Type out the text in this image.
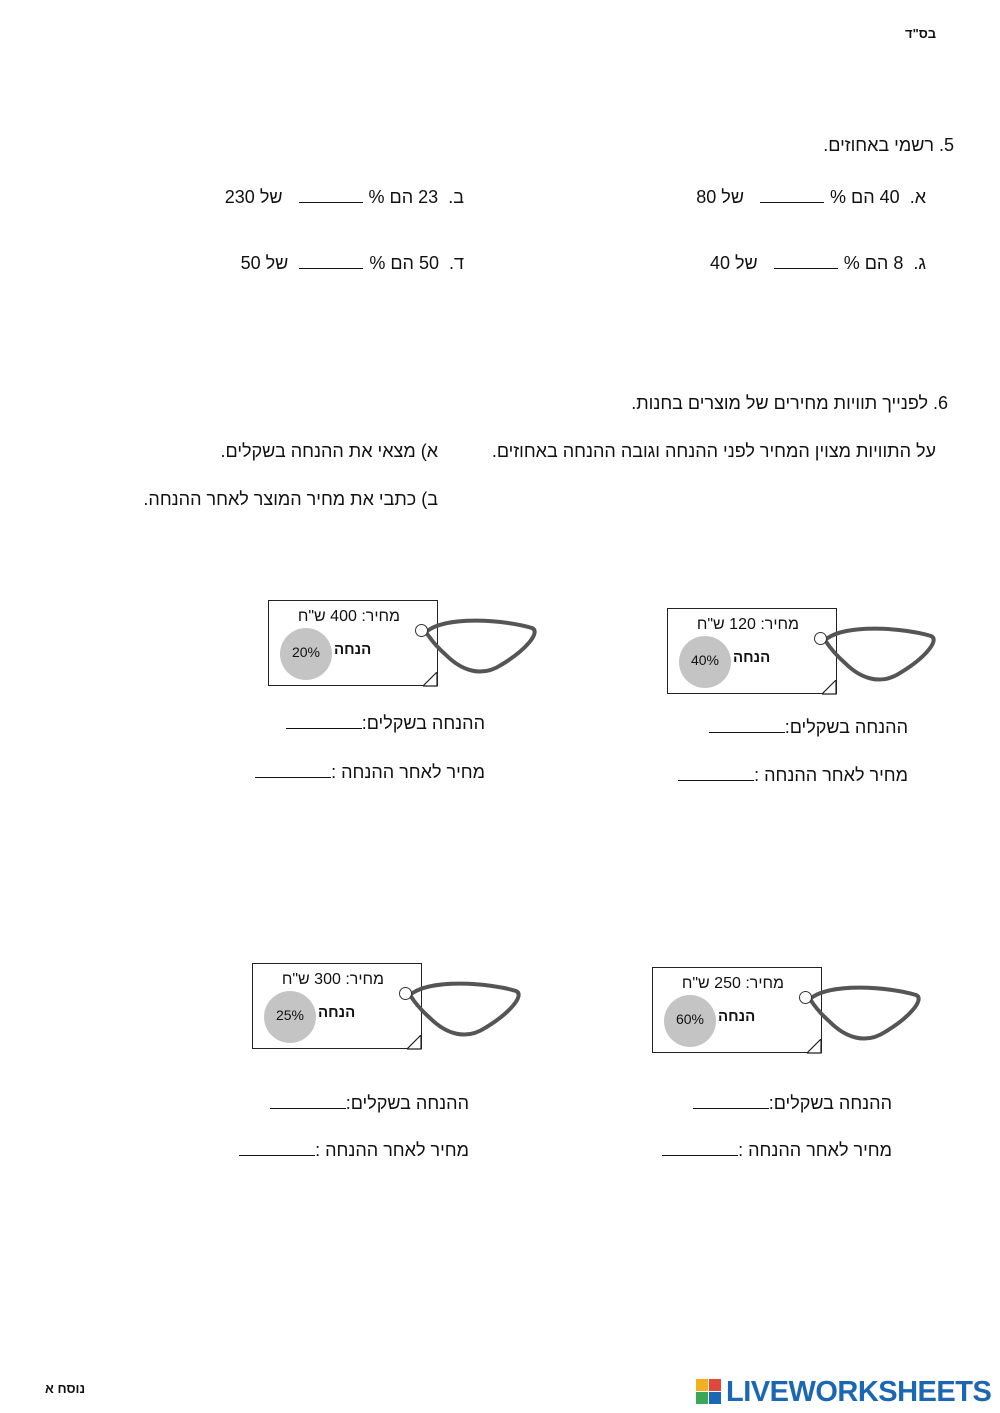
בס"ד
5. רשמי באחוזים.
א.  40 הם %  של 80
ב.  23 הם %  של 230
ג.  8 הם %  של 40
ד.  50 הם % של 50
6. לפנייך תוויות מחירים של מוצרים בחנות.
על התוויות מצוין המחיר לפני ההנחה וגובה ההנחה באחוזים.
א) מצאי את ההנחה בשקלים.
ב) כתבי את מחיר המוצר לאחר ההנחה.
מחיר: 120 ש"ח
40% הנחה
מחיר: 400 ש"ח
20% הנחה
מחיר: 250 ש"ח
60% הנחה
מחיר: 300 ש"ח
25% הנחה
ההנחה בשקלים:
מחיר לאחר ההנחה :
ההנחה בשקלים:
מחיר לאחר ההנחה :
ההנחה בשקלים:
מחיר לאחר ההנחה :
ההנחה בשקלים:
מחיר לאחר ההנחה :
נוסח א	LIVEWORKSHEETS
